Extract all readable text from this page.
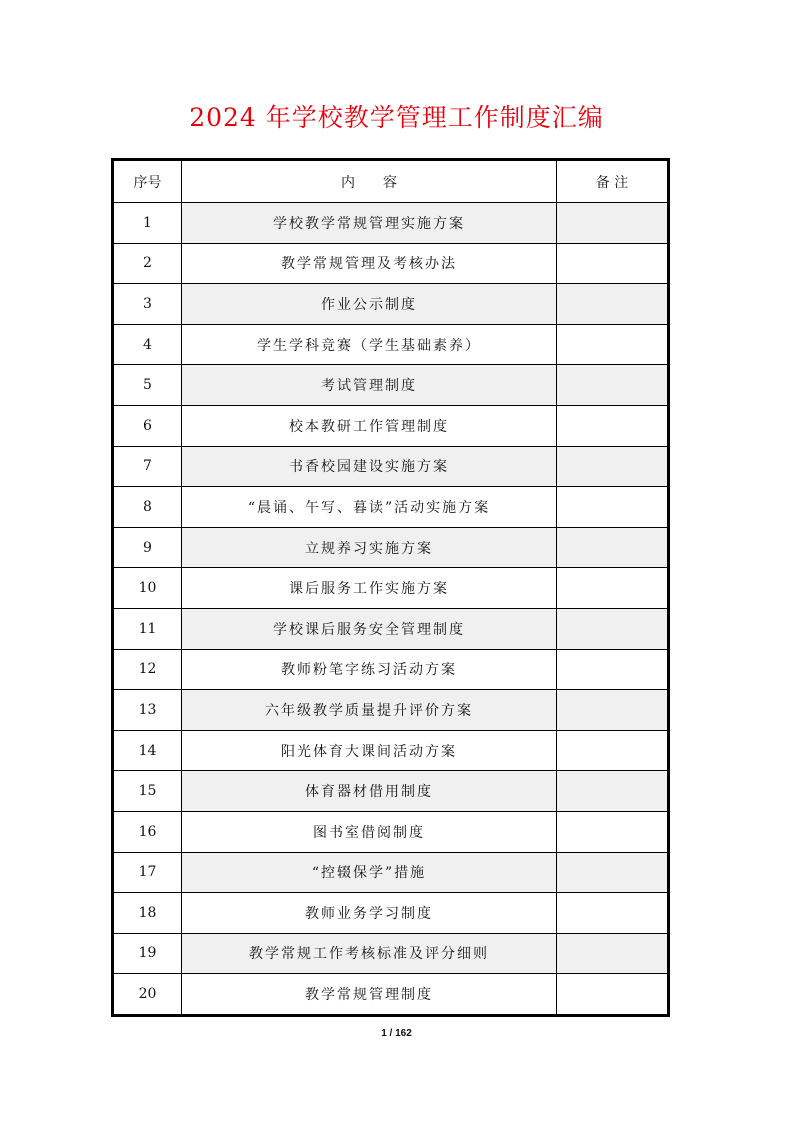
2024 年学校教学管理工作制度汇编
序号	内　　容	备 注
1	学校教学常规管理实施方案	
2	教学常规管理及考核办法	
3	作业公示制度	
4	学生学科竞赛（学生基础素养）	
5	考试管理制度	
6	校本教研工作管理制度	
7	书香校园建设实施方案	
8	“晨诵、午写、暮读”活动实施方案	
9	立规养习实施方案	
10	课后服务工作实施方案	
11	学校课后服务安全管理制度	
12	教师粉笔字练习活动方案	
13	六年级教学质量提升评价方案	
14	阳光体育大课间活动方案	
15	体育器材借用制度	
16	图书室借阅制度	
17	“控辍保学”措施	
18	教师业务学习制度	
19	教学常规工作考核标准及评分细则	
20	教学常规管理制度	
1 / 162
